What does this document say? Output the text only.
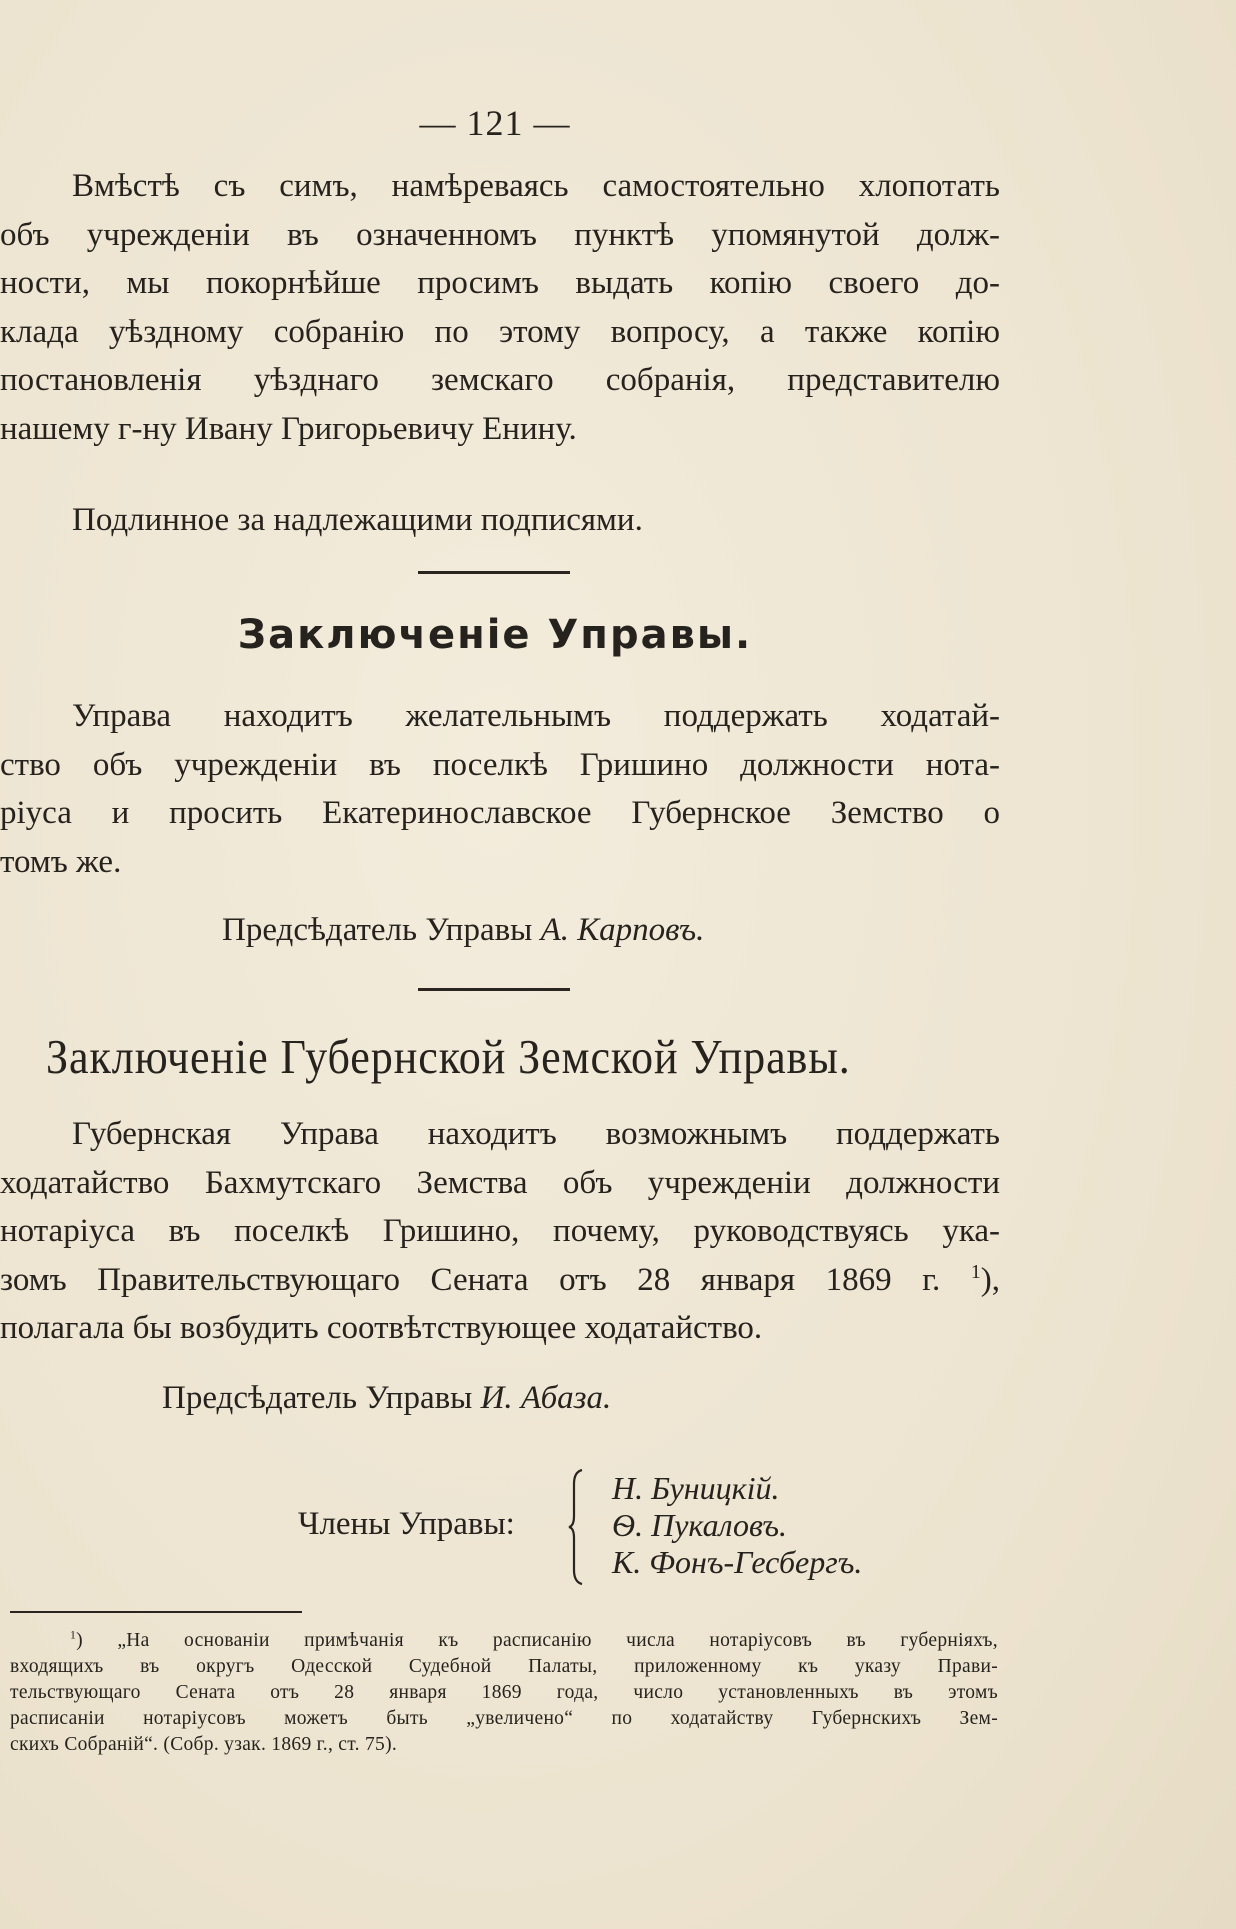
— 121 —
Вмѣстѣ съ симъ, намѣреваясь самостоятельно хлопотать
объ учрежденіи въ означенномъ пунктѣ упомянутой долж-
ности, мы покорнѣйше просимъ выдать копію своего до-
клада уѣздному собранію по этому вопросу, а также копію
постановленія уѣзднаго земскаго собранія, представителю
нашему г-ну Ивану Григорьевичу Енину.
Подлинное за надлежащими подписями.
Заключеніе Управы.
Управа находитъ желательнымъ поддержать ходатай-
ство объ учрежденіи въ поселкѣ Гришино должности нота-
ріуса и просить Екатеринославское Губернское Земство о
томъ же.
Предсѣдатель Управы А. Карповъ.
Заключеніе Губернской Земской Управы.
Губернская Управа находитъ возможнымъ поддержать
ходатайство Бахмутскаго Земства объ учрежденіи должности
нотаріуса въ поселкѣ Гришино, почему, руководствуясь ука-
зомъ Правительствующаго Сената отъ 28 января 1869 г. $^1$),
полагала бы возбудить соотвѣтствующее ходатайство.
Предсѣдатель Управы И. Абаза.
Члены Управы:
Н. Буницкій.
Ѳ. Пукаловъ.
К. Фонъ-Гесбергъ.
$^1$) „На основаніи примѣчанія къ расписанію числа нотаріусовъ въ губерніяхъ,
входящихъ въ округъ Одесской Судебной Палаты, приложенному къ указу Прави-
тельствующаго Сената отъ 28 января 1869 года, число установленныхъ въ этомъ
расписаніи нотаріусовъ можетъ быть „увеличено“ по ходатайству Губернскихъ Зем-
скихъ Собраній“. (Собр. узак. 1869 г., ст. 75).
